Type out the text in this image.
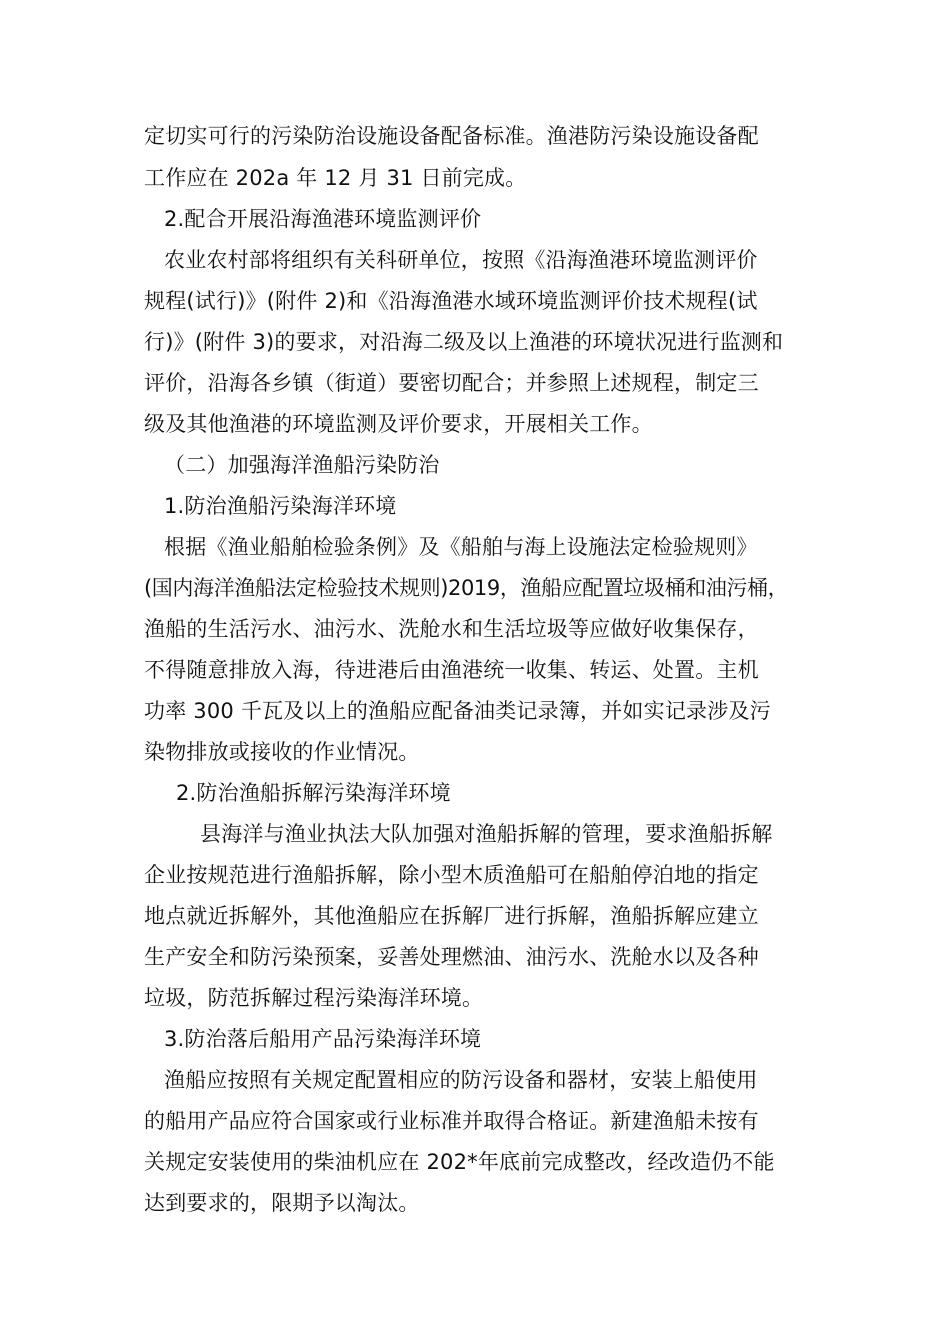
定切实可行的污染防治设施设备配备标准。渔港防污染设施设备配
工作应在 202a 年 12 月 31 日前完成。
2.配合开展沿海渔港环境监测评价
农业农村部将组织有关科研单位，按照《沿海渔港环境监测评价
规程(试行)》(附件 2)和《沿海渔港水域环境监测评价技术规程(试
行)》(附件 3)的要求，对沿海二级及以上渔港的环境状况进行监测和
评价，沿海各乡镇（街道）要密切配合；并参照上述规程，制定三
级及其他渔港的环境监测及评价要求，开展相关工作。
（二）加强海洋渔船污染防治
1.防治渔船污染海洋环境
根据《渔业船舶检验条例》及《船舶与海上设施法定检验规则》
(国内海洋渔船法定检验技术规则)2019，渔船应配置垃圾桶和油污桶，
渔船的生活污水、油污水、洗舱水和生活垃圾等应做好收集保存，
不得随意排放入海，待进港后由渔港统一收集、转运、处置。主机
功率 300 千瓦及以上的渔船应配备油类记录簿，并如实记录涉及污
染物排放或接收的作业情况。
2.防治渔船拆解污染海洋环境
县海洋与渔业执法大队加强对渔船拆解的管理，要求渔船拆解
企业按规范进行渔船拆解，除小型木质渔船可在船舶停泊地的指定
地点就近拆解外，其他渔船应在拆解厂进行拆解，渔船拆解应建立
生产安全和防污染预案，妥善处理燃油、油污水、洗舱水以及各种
垃圾，防范拆解过程污染海洋环境。
3.防治落后船用产品污染海洋环境
渔船应按照有关规定配置相应的防污设备和器材，安装上船使用
的船用产品应符合国家或行业标准并取得合格证。新建渔船未按有
关规定安装使用的柴油机应在 202*年底前完成整改，经改造仍不能
达到要求的，限期予以淘汰。
